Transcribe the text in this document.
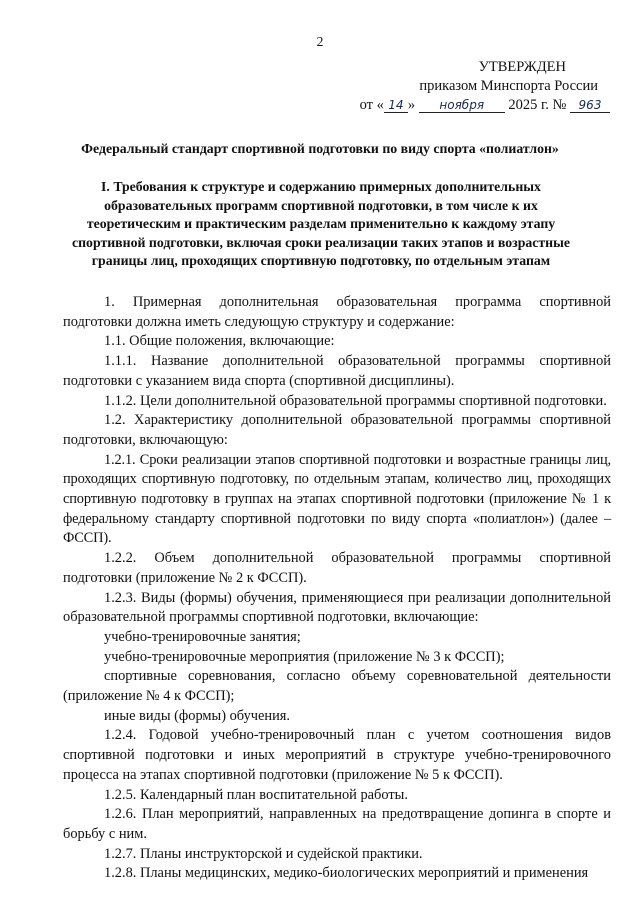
2
УТВЕРЖДЕН
приказом Минспорта России
от « 14 » ноября 2025 г. № 963
Федеральный стандарт спортивной подготовки по виду спорта «полиатлон»
I. Требования к структуре и содержанию примерных дополнительных образовательных программ спортивной подготовки, в том числе к их теоретическим и практическим разделам применительно к каждому этапу спортивной подготовки, включая сроки реализации таких этапов и возрастные границы лиц, проходящих спортивную подготовку, по отдельным этапам

1. Примерная дополнительная образовательная программа спортивной подготовки должна иметь следующую структуру и содержание:

1.1. Общие положения, включающие:

1.1.1. Название дополнительной образовательной программы спортивной подготовки с указанием вида спорта (спортивной дисциплины).

1.1.2. Цели дополнительной образовательной программы спортивной подготовки.

1.2. Характеристику дополнительной образовательной программы спортивной подготовки, включающую:

1.2.1. Сроки реализации этапов спортивной подготовки и возрастные границы лиц, проходящих спортивную подготовку, по отдельным этапам, количество лиц, проходящих спортивную подготовку в группах на этапах спортивной подготовки (приложение № 1 к федеральному стандарту спортивной подготовки по виду спорта «полиатлон») (далее – ФССП).

1.2.2. Объем дополнительной образовательной программы спортивной подготовки (приложение № 2 к ФССП).

1.2.3. Виды (формы) обучения, применяющиеся при реализации дополнительной образовательной программы спортивной подготовки, включающие:

учебно-тренировочные занятия;

учебно-тренировочные мероприятия (приложение № 3 к ФССП);

спортивные соревнования, согласно объему соревновательной деятельности (приложение № 4 к ФССП);

иные виды (формы) обучения.

1.2.4. Годовой учебно-тренировочный план с учетом соотношения видов спортивной подготовки и иных мероприятий в структуре учебно-тренировочного процесса на этапах спортивной подготовки (приложение № 5 к ФССП).

1.2.5. Календарный план воспитательной работы.

1.2.6. План мероприятий, направленных на предотвращение допинга в спорте и борьбу с ним.

1.2.7. Планы инструкторской и судейской практики.

1.2.8. Планы медицинских, медико-биологических мероприятий и применения
